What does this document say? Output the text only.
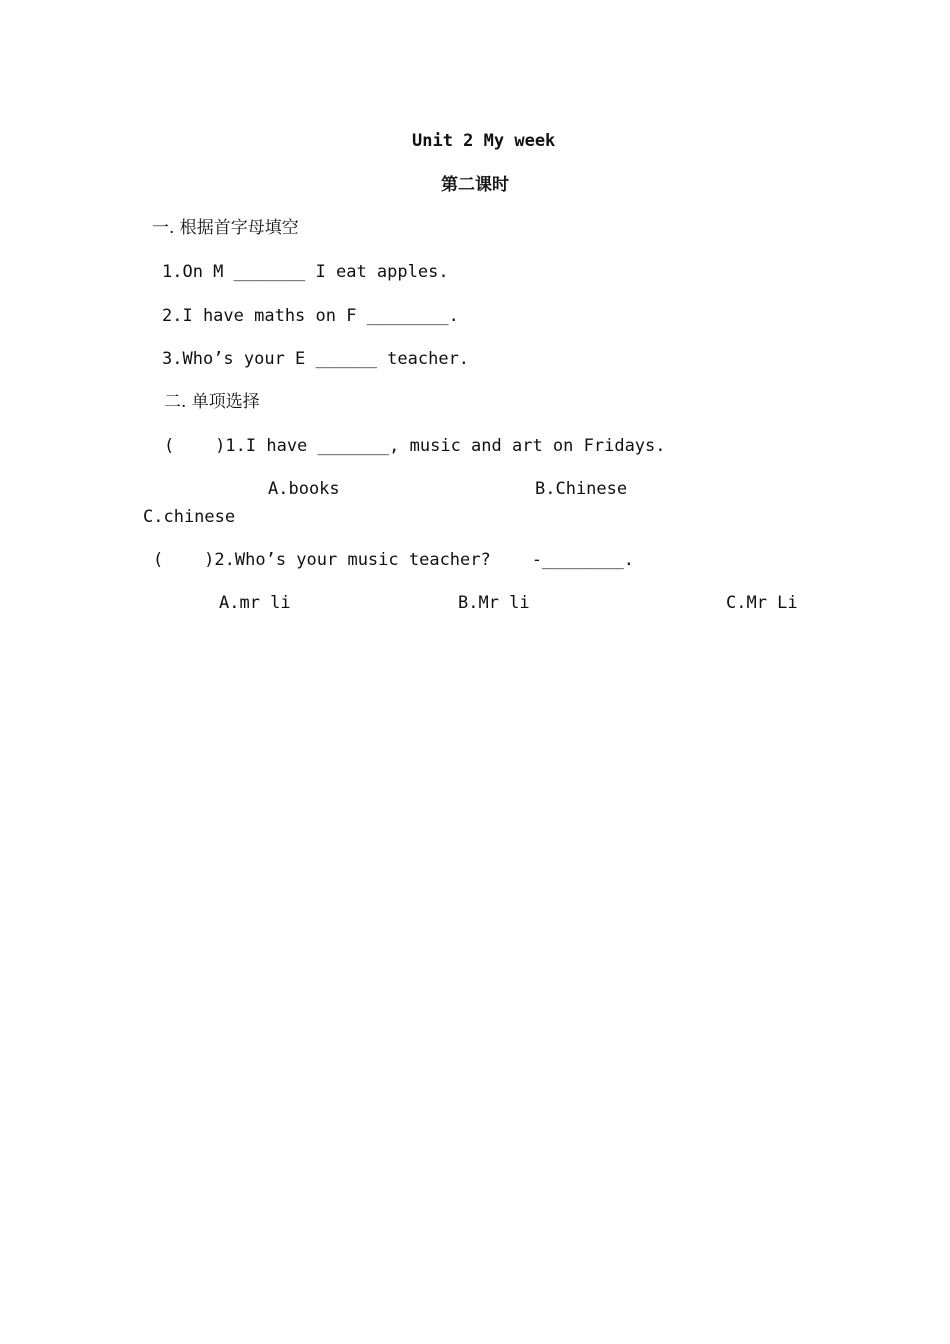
Unit 2 My week
第二课时
一. 根据首字母填空
1.On M _______ I eat apples.
2.I have maths on F ________.
3.Who’s your E ______ teacher.
二. 单项选择
(    )1.I have _______, music and art on Fridays.
A.books	B.Chinese
C.chinese
(    )2.Who’s your music teacher?    -________.
A.mr li	B.Mr li	C.Mr Li
